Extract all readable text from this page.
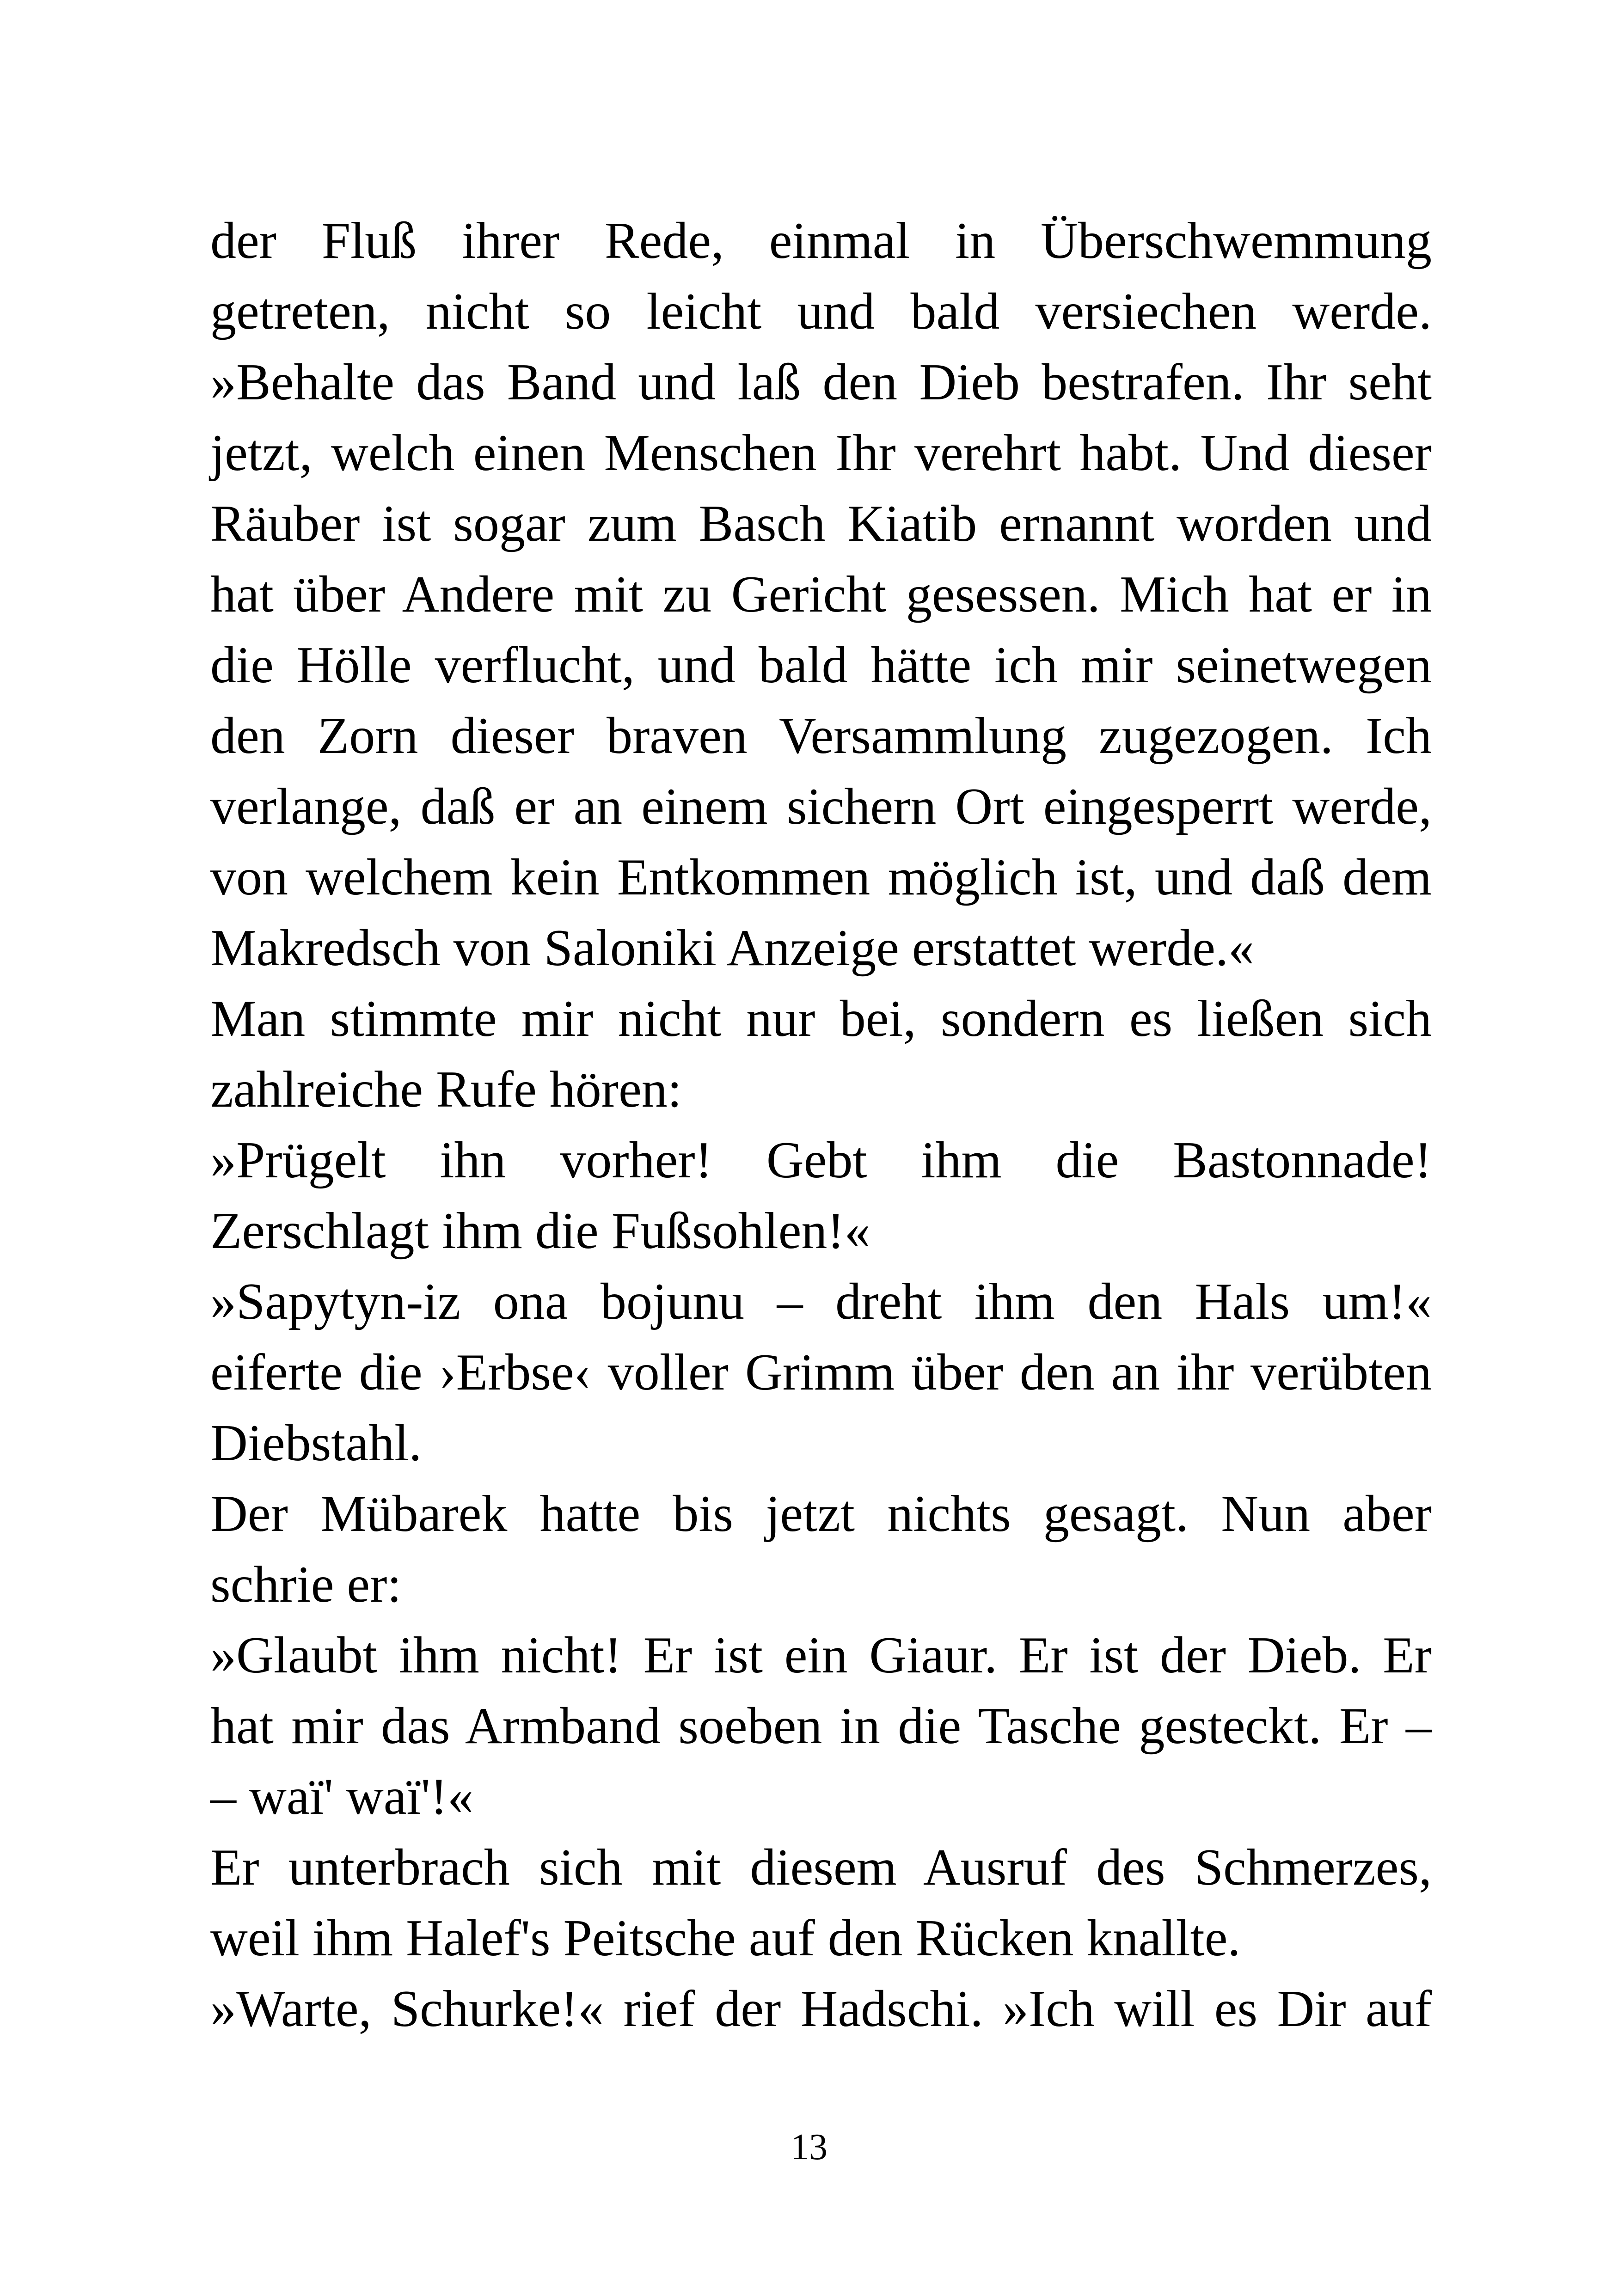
der Fluß ihrer Rede, einmal in Überschwemmung
getreten, nicht so leicht und bald versiechen werde.
»Behalte das Band und laß den Dieb bestrafen. Ihr seht
jetzt, welch einen Menschen Ihr verehrt habt. Und dieser
Räuber ist sogar zum Basch Kiatib ernannt worden und
hat über Andere mit zu Gericht gesessen. Mich hat er in
die Hölle verflucht, und bald hätte ich mir seinetwegen
den Zorn dieser braven Versammlung zugezogen. Ich
verlange, daß er an einem sichern Ort eingesperrt werde,
von welchem kein Entkommen möglich ist, und daß dem
Makredsch von Saloniki Anzeige erstattet werde.«
Man stimmte mir nicht nur bei, sondern es ließen sich
zahlreiche Rufe hören:
»Prügelt ihn vorher! Gebt ihm die Bastonnade!
Zerschlagt ihm die Fußsohlen!«
»Sapytyn-iz ona bojunu – dreht ihm den Hals um!«
eiferte die ›Erbse‹ voller Grimm über den an ihr verübten
Diebstahl.
Der Mübarek hatte bis jetzt nichts gesagt. Nun aber
schrie er:
»Glaubt ihm nicht! Er ist ein Giaur. Er ist der Dieb. Er
hat mir das Armband soeben in die Tasche gesteckt. Er –
– waï' waï'!«
Er unterbrach sich mit diesem Ausruf des Schmerzes,
weil ihm Halef's Peitsche auf den Rücken knallte.
»Warte, Schurke!« rief der Hadschi. »Ich will es Dir auf
13
